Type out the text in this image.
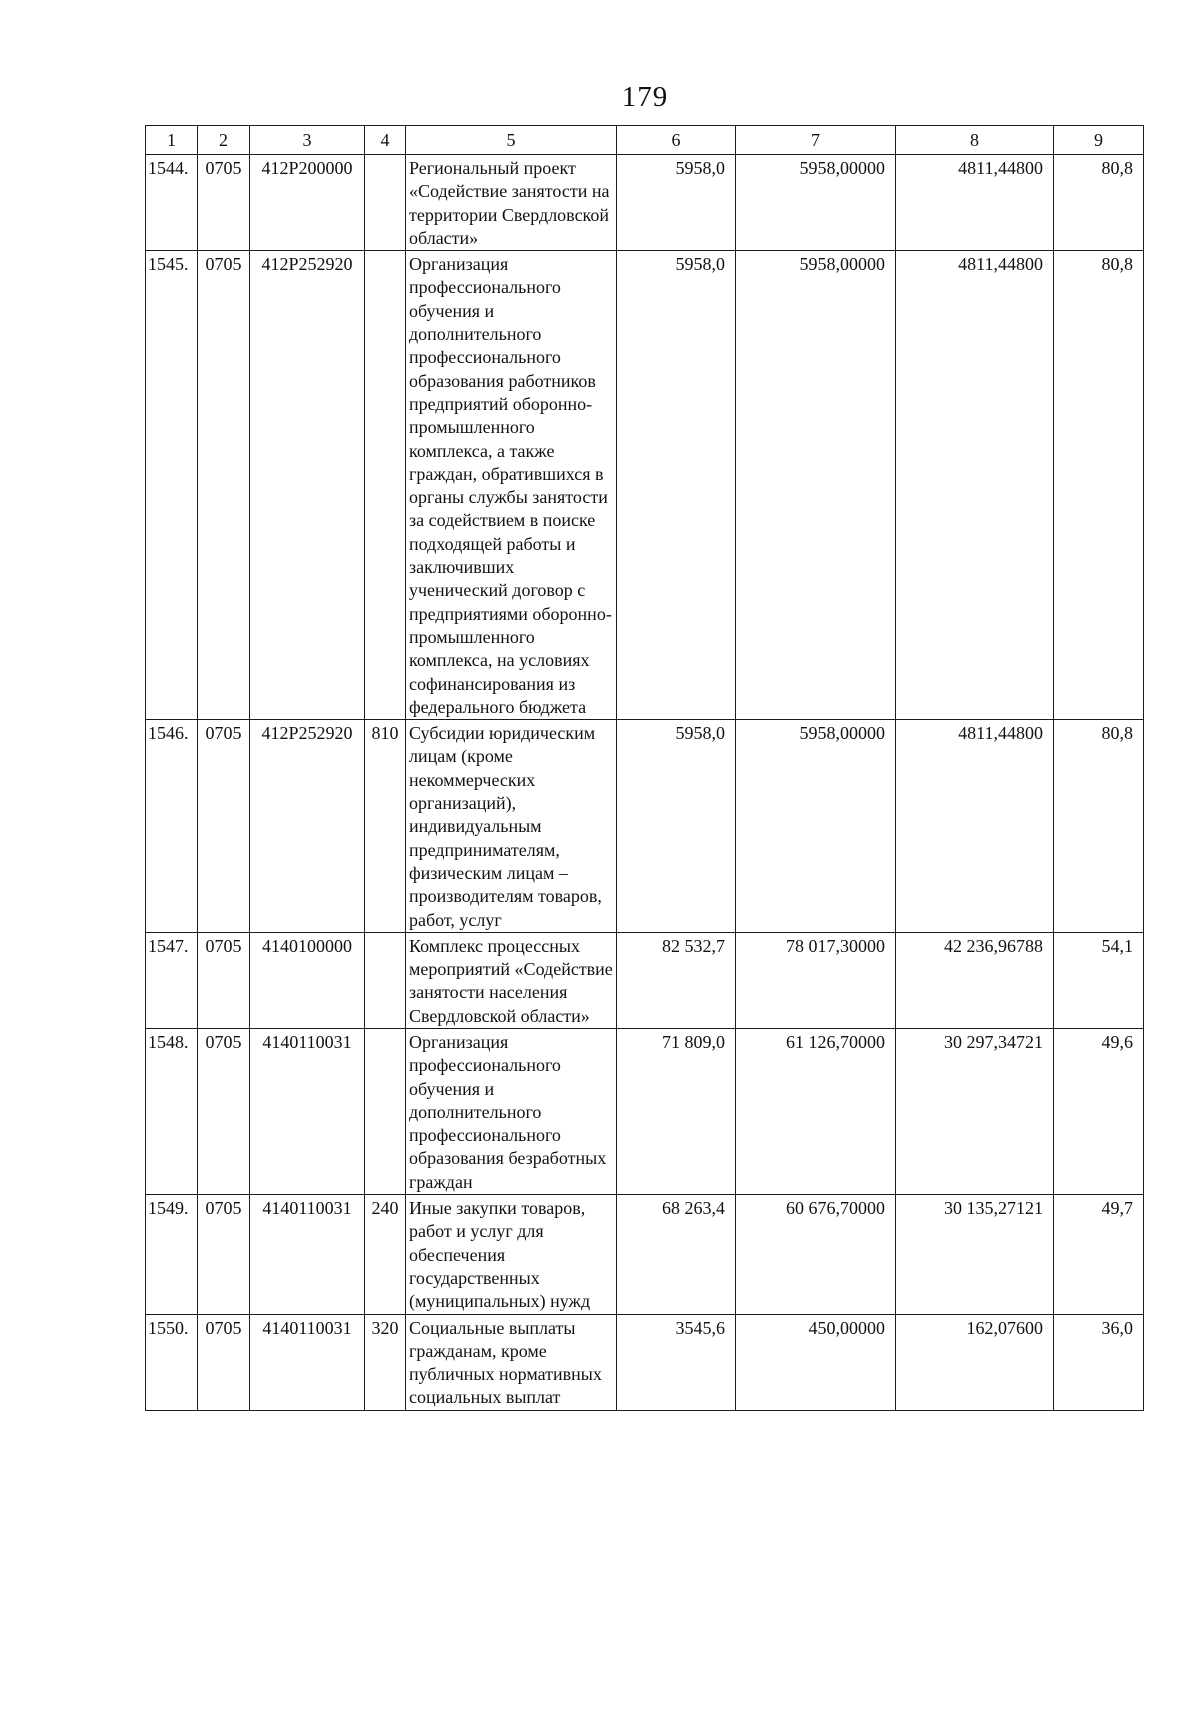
179
1	2	3	4	5	6	7	8	9
1544.	0705	412P200000		Региональный проект «Содействие занятости на территории Свердловской области»	5958,0	5958,00000	4811,44800	80,8
1545.	0705	412P252920		Организация профессионального обучения и дополнительного профессионального образования работников предприятий оборонно-промышленного комплекса, а также граждан, обратившихся в органы службы занятости за содействием в поиске подходящей работы и заключивших ученический договор с предприятиями оборонно-промышленного комплекса, на условиях софинансирования из федерального бюджета	5958,0	5958,00000	4811,44800	80,8
1546.	0705	412P252920	810	Субсидии юридическим лицам (кроме некоммерческих организаций), индивидуальным предпринимателям, физическим лицам – производителям товаров, работ, услуг	5958,0	5958,00000	4811,44800	80,8
1547.	0705	4140100000		Комплекс процессных мероприятий «Содействие занятости населения Свердловской области»	82 532,7	78 017,30000	42 236,96788	54,1
1548.	0705	4140110031		Организация профессионального обучения и дополнительного профессионального образования безработных граждан	71 809,0	61 126,70000	30 297,34721	49,6
1549.	0705	4140110031	240	Иные закупки товаров, работ и услуг для обеспечения государственных (муниципальных) нужд	68 263,4	60 676,70000	30 135,27121	49,7
1550.	0705	4140110031	320	Социальные выплаты гражданам, кроме публичных нормативных социальных выплат	3545,6	450,00000	162,07600	36,0
